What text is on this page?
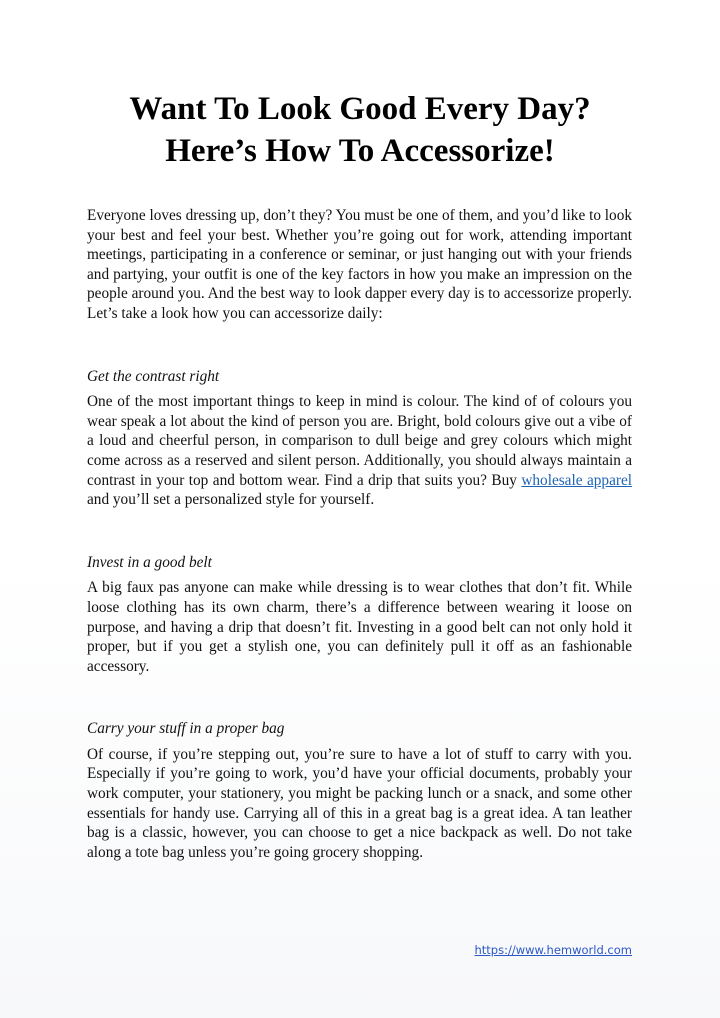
Want To Look Good Every Day?
Here’s How To Accessorize!

Everyone loves dressing up, don’t they? You must be one of them, and you’d like to look your best and feel your best. Whether you’re going out for work, attending important meetings, participating in a conference or seminar, or just hanging out with your friends and partying, your outfit is one of the key factors in how you make an impression on the people around you. And the best way to look dapper every day is to accessorize properly. Let’s take a look how you can accessorize daily:

Get the contrast right

One of the most important things to keep in mind is colour. The kind of of colours you wear speak a lot about the kind of person you are. Bright, bold colours give out a vibe of a loud and cheerful person, in comparison to dull beige and grey colours which might come across as a reserved and silent person. Additionally, you should always maintain a contrast in your top and bottom wear. Find a drip that suits you? Buy wholesale apparel and you’ll set a personalized style for yourself.

Invest in a good belt

A big faux pas anyone can make while dressing is to wear clothes that don’t fit. While loose clothing has its own charm, there’s a difference between wearing it loose on purpose, and having a drip that doesn’t fit. Investing in a good belt can not only hold it proper, but if you get a stylish one, you can definitely pull it off as an fashionable accessory.

Carry your stuff in a proper bag

Of course, if you’re stepping out, you’re sure to have a lot of stuff to carry with you. Especially if you’re going to work, you’d have your official documents, probably your work computer, your stationery, you might be packing lunch or a snack, and some other essentials for handy use. Carrying all of this in a great bag is a great idea. A tan leather bag is a classic, however, you can choose to get a nice backpack as well. Do not take along a tote bag unless you’re going grocery shopping.

https://www.hemworld.com
